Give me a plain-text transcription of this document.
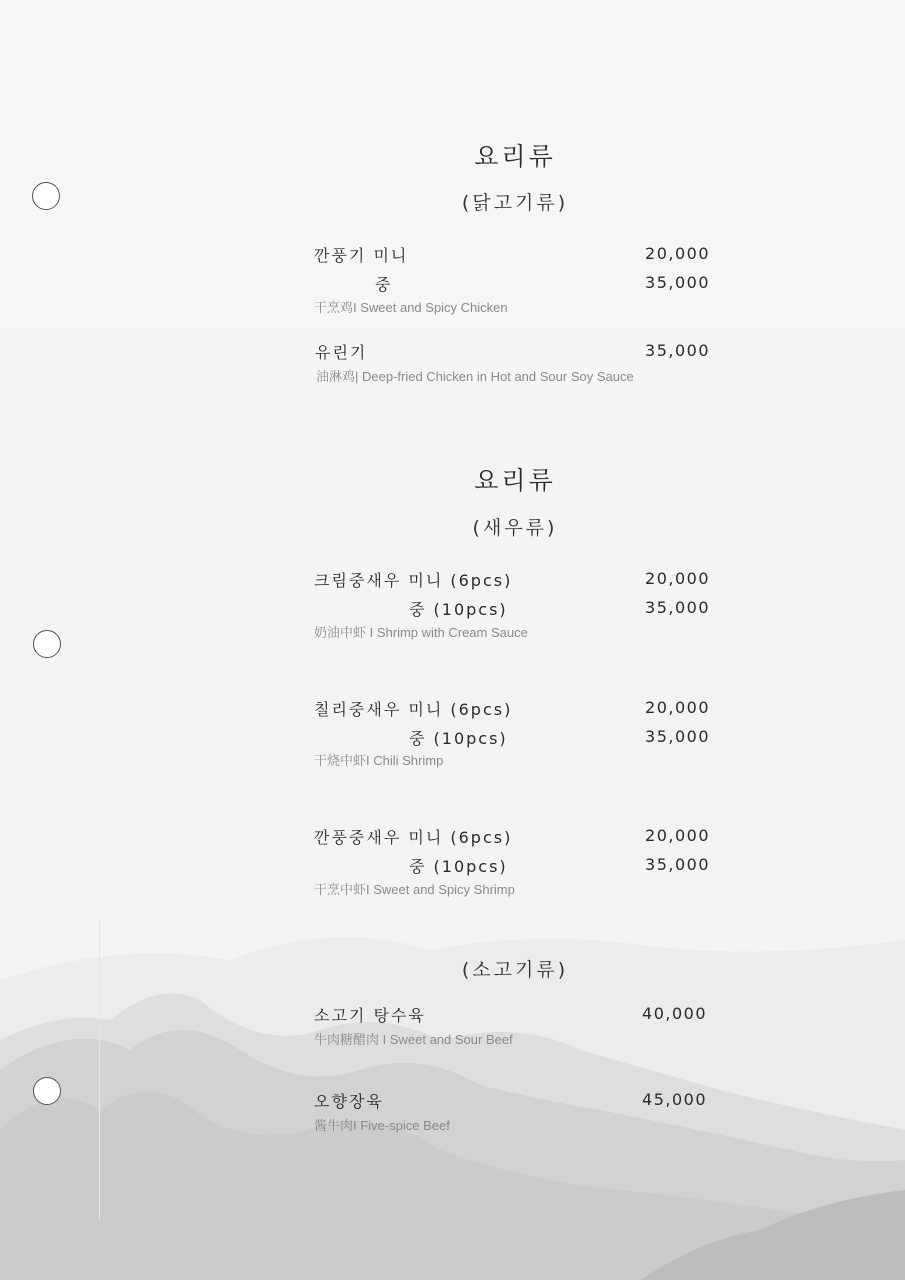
요리류
(닭고기류)
깐풍기 미니	20,000
중	35,000
干烹鸡I Sweet and Spicy Chicken
유린기	35,000
油淋鸡| Deep-fried Chicken in Hot and Sour Soy Sauce
요리류
(새우류)
크림중새우 미니 (6pcs)	20,000
중 (10pcs)	35,000
奶油中虾 I Shrimp with Cream Sauce
칠리중새우 미니 (6pcs)	20,000
중 (10pcs)	35,000
干烧中虾I Chili Shrimp
깐풍중새우 미니 (6pcs)	20,000
중 (10pcs)	35,000
干烹中虾I Sweet and Spicy Shrimp
(소고기류)
소고기 탕수육	40,000
牛肉糖醋肉 I Sweet and Sour Beef
오향장육	45,000
酱牛肉I Five-spice Beef
